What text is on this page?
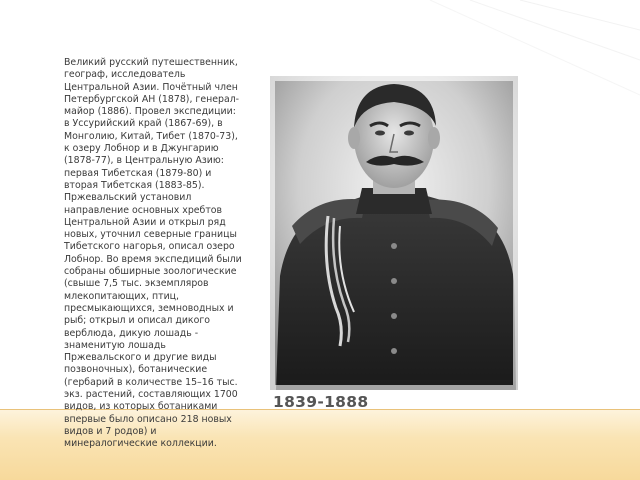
Великий русский путешественник, географ, исследователь Центральной Азии. Почётный член Петербургской АН (1878), генерал-майор (1886). Провел экспедиции: в Уссурийский край (1867-69), в Монголию, Китай, Тибет (1870-73), к озеру Лобнор и в Джунгарию (1878-77), в Центральную Азию: первая Тибетская (1879-80) и вторая Тибетская (1883-85). Пржевальский установил направление основных хребтов Центральной Азии и открыл ряд новых, уточнил северные границы Тибетского нагорья, описал озеро Лобнор. Во время экспедиций были собраны обширные зоологические (свыше 7,5 тыс. экземпляров млекопитающих, птиц, пресмыкающихся, земноводных и рыб; открыл и описал дикого верблюда, дикую лошадь - знаменитую лошадь Пржевальского и другие виды позвоночных), ботанические (гербарий в количестве 15–16 тыс. экз. растений, составляющих 1700 видов, из которых ботаниками впервые было описано 218 новых видов и 7 родов) и минералогические коллекции.

1839-1888
